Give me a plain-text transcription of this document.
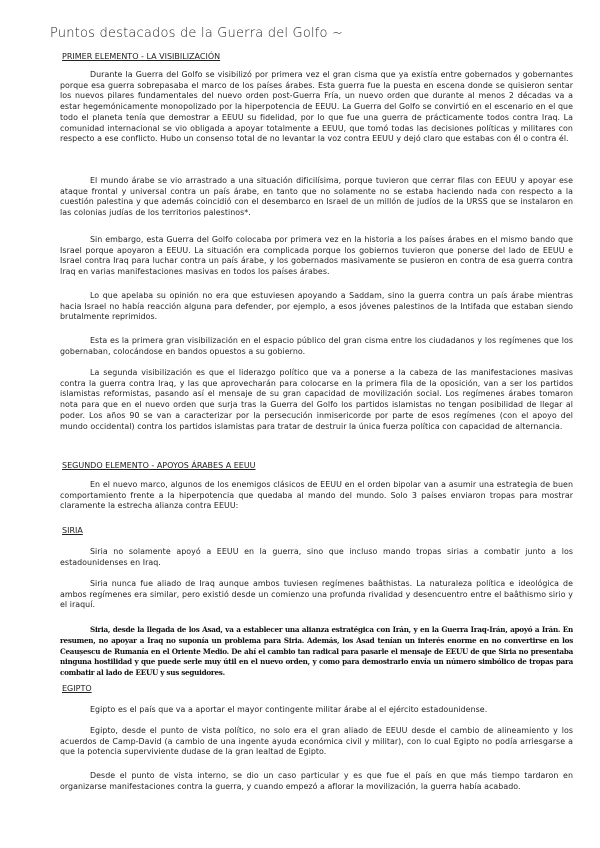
Puntos destacados de la Guerra del Golfo ~
PRIMER ELEMENTO - LA VISIBILIZACIÓN

Durante la Guerra del Golfo se visibilizó por primera vez el gran cisma que ya existía entre gobernados y gobernantes porque esa guerra sobrepasaba el marco de los países árabes. Esta guerra fue la puesta en escena donde se quisieron sentar los nuevos pilares fundamentales del nuevo orden post-Guerra Fría, un nuevo orden que durante al menos 2 décadas va a estar hegemónicamente monopolizado por la hiperpotencia de EEUU. La Guerra del Golfo se convirtió en el escenario en el que todo el planeta tenía que demostrar a EEUU su fidelidad, por lo que fue una guerra de prácticamente todos contra Iraq. La comunidad internacional se vio obligada a apoyar totalmente a EEUU, que tomó todas las decisiones políticas y militares con respecto a ese conflicto. Hubo un consenso total de no levantar la voz contra EEUU y dejó claro que estabas con él o contra él.

El mundo árabe se vio arrastrado a una situación dificilísima, porque tuvieron que cerrar filas con EEUU y apoyar ese ataque frontal y universal contra un país árabe, en tanto que no solamente no se estaba haciendo nada con respecto a la cuestión palestina y que además coincidió con el desembarco en Israel de un millón de judíos de la URSS que se instalaron en las colonias judías de los territorios palestinos*.

Sin embargo, esta Guerra del Golfo colocaba por primera vez en la historia a los países árabes en el mismo bando que Israel porque apoyaron a EEUU. La situación era complicada porque los gobiernos tuvieron que ponerse del lado de EEUU e Israel contra Iraq para luchar contra un país árabe, y los gobernados masivamente se pusieron en contra de esa guerra contra Iraq en varias manifestaciones masivas en todos los países árabes.

Lo que apelaba su opinión no era que estuviesen apoyando a Saddam, sino la guerra contra un país árabe mientras hacia Israel no había reacción alguna para defender, por ejemplo, a esos jóvenes palestinos de la Intifada que estaban siendo brutalmente reprimidos.

Esta es la primera gran visibilización en el espacio público del gran cisma entre los ciudadanos y los regímenes que los gobernaban, colocándose en bandos opuestos a su gobierno.

La segunda visibilización es que el liderazgo político que va a ponerse a la cabeza de las manifestaciones masivas contra la guerra contra Iraq, y las que aprovecharán para colocarse en la primera fila de la oposición, van a ser los partidos islamistas reformistas, pasando así el mensaje de su gran capacidad de movilización social. Los regímenes árabes tomaron nota para que en el nuevo orden que surja tras la Guerra del Golfo los partidos islamistas no tengan posibilidad de llegar al poder. Los años 90 se van a caracterizar por la persecución inmisericorde por parte de esos regímenes (con el apoyo del mundo occidental) contra los partidos islamistas para tratar de destruir la única fuerza política con capacidad de alternancia.

SEGUNDO ELEMENTO - APOYOS ÁRABES A EEUU

En el nuevo marco, algunos de los enemigos clásicos de EEUU en el orden bipolar van a asumir una estrategia de buen comportamiento frente a la hiperpotencia que quedaba al mando del mundo. Solo 3 países enviaron tropas para mostrar claramente la estrecha alianza contra EEUU:

SIRIA

Siria no solamente apoyó a EEUU en la guerra, sino que incluso mando tropas sirias a combatir junto a los estadounidenses en Iraq.

Siria nunca fue aliado de Iraq aunque ambos tuviesen regímenes baâthistas. La naturaleza política e ideológica de ambos regímenes era similar, pero existió desde un comienzo una profunda rivalidad y desencuentro entre el baâthismo sirio y el iraquí.

Siria, desde la llegada de los Asad, va a establecer una alianza estratégica con Irán, y en la Guerra Iraq-Irán, apoyó a Irán. En resumen, no apoyar a Iraq no suponía un problema para Siria. Además, los Asad tenían un interés enorme en no convertirse en los Ceaușescu de Rumanía en el Oriente Medio. De ahí el cambio tan radical para pasarle el mensaje de EEUU de que Siria no presentaba ninguna hostilidad y que puede serle muy útil en el nuevo orden, y como para demostrarlo envía un número simbólico de tropas para combatir al lado de EEUU y sus seguidores.

EGIPTO

Egipto es el país que va a aportar el mayor contingente militar árabe al el ejército estadounidense.

Egipto, desde el punto de vista político, no solo era el gran aliado de EEUU desde el cambio de alineamiento y los acuerdos de Camp-David (a cambio de una ingente ayuda económica civil y militar), con lo cual Egipto no podía arriesgarse a que la potencia superviviente dudase de la gran lealtad de Egipto.

Desde el punto de vista interno, se dio un caso particular y es que fue el país en que más tiempo tardaron en organizarse manifestaciones contra la guerra, y cuando empezó a aflorar la movilización, la guerra había acabado.
